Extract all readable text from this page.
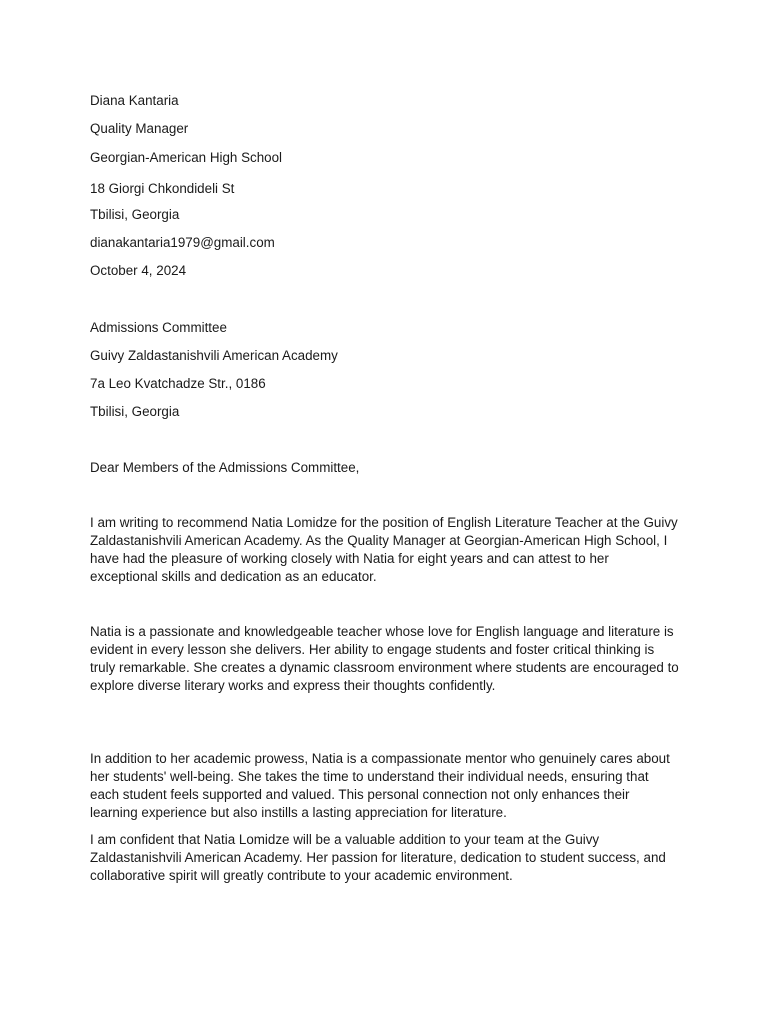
Diana Kantaria
Quality Manager
Georgian-American High School
18 Giorgi Chkondideli St
Tbilisi, Georgia
dianakantaria1979@gmail.com
October 4, 2024
Admissions Committee
Guivy Zaldastanishvili American Academy
7a Leo Kvatchadze Str., 0186
Tbilisi, Georgia
Dear Members of the Admissions Committee,
I am writing to recommend Natia Lomidze for the position of English Literature Teacher at the Guivy Zaldastanishvili American Academy. As the Quality Manager at Georgian-American High School, I have had the pleasure of working closely with Natia for eight years and can attest to her exceptional skills and dedication as an educator.
Natia is a passionate and knowledgeable teacher whose love for English language and literature is evident in every lesson she delivers. Her ability to engage students and foster critical thinking is truly remarkable. She creates a dynamic classroom environment where students are encouraged to explore diverse literary works and express their thoughts confidently.
In addition to her academic prowess, Natia is a compassionate mentor who genuinely cares about her students' well-being. She takes the time to understand their individual needs, ensuring that each student feels supported and valued. This personal connection not only enhances their learning experience but also instills a lasting appreciation for literature.
I am confident that Natia Lomidze will be a valuable addition to your team at the Guivy Zaldastanishvili American Academy. Her passion for literature, dedication to student success, and collaborative spirit will greatly contribute to your academic environment.
